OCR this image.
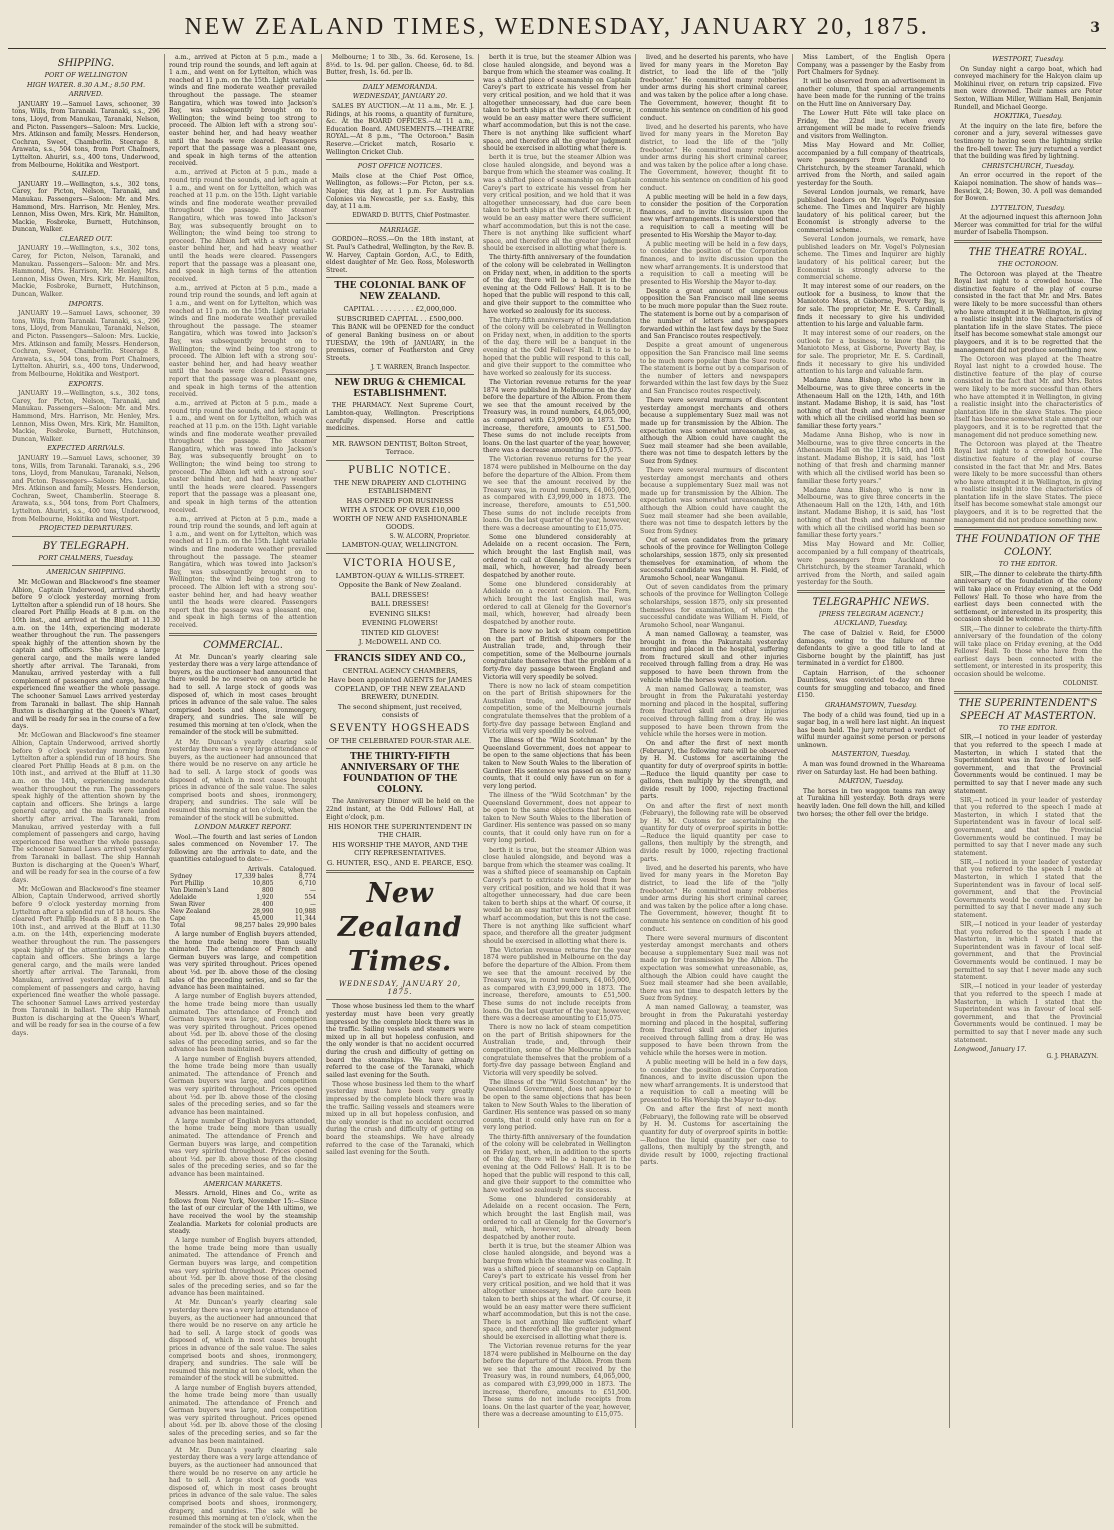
NEW ZEALAND TIMES, WEDNESDAY, JANUARY 20, 1875.	3
SHIPPING.
PORT OF WELLINGTON
HIGH WATER. 8.30 A.M.; 8.50 P.M.
ARRIVED.

JANUARY 19.—Samuel Laws, schooner, 39 tons, Wills, from Taranaki. Taranaki, s.s., 296 tons, Lloyd, from Manukau, Taranaki, Nelson, and Picton. Passengers—Saloon: Mrs. Luckie, Mrs. Atkinson and family, Messrs. Henderson, Cochran, Sweet, Chamberlin. Steerage 8. Arawata, s.s., 504 tons, from Port Chalmers, Lyttelton. Ahuriri, s.s., 400 tons, Underwood, from Melbourne, Hokitika and Westport.

SAILED.

JANUARY 19.—Wellington, s.s., 302 tons, Carey, for Picton, Nelson, Taranaki, and Manukau. Passengers—Saloon: Mr. and Mrs. Hammond, Mrs. Harrison, Mr. Henley, Mrs. Lennon, Miss Owen, Mrs. Kirk, Mr. Hamilton, Mackie, Fosbroke, Burnett, Hutchinson, Duncan, Walker.

CLEARED OUT.

JANUARY 19.—Wellington, s.s., 302 tons, Carey, for Picton, Nelson, Taranaki, and Manukau. Passengers—Saloon: Mr. and Mrs. Hammond, Mrs. Harrison, Mr. Henley, Mrs. Lennon, Miss Owen, Mrs. Kirk, Mr. Hamilton, Mackie, Fosbroke, Burnett, Hutchinson, Duncan, Walker.

IMPORTS.

JANUARY 19.—Samuel Laws, schooner, 39 tons, Wills, from Taranaki. Taranaki, s.s., 296 tons, Lloyd, from Manukau, Taranaki, Nelson, and Picton. Passengers—Saloon: Mrs. Luckie, Mrs. Atkinson and family, Messrs. Henderson, Cochran, Sweet, Chamberlin. Steerage 8. Arawata, s.s., 504 tons, from Port Chalmers, Lyttelton. Ahuriri, s.s., 400 tons, Underwood, from Melbourne, Hokitika and Westport.

EXPORTS.

JANUARY 19.—Wellington, s.s., 302 tons, Carey, for Picton, Nelson, Taranaki, and Manukau. Passengers—Saloon: Mr. and Mrs. Hammond, Mrs. Harrison, Mr. Henley, Mrs. Lennon, Miss Owen, Mrs. Kirk, Mr. Hamilton, Mackie, Fosbroke, Burnett, Hutchinson, Duncan, Walker.

EXPECTED ARRIVALS.

JANUARY 19.—Samuel Laws, schooner, 39 tons, Wills, from Taranaki. Taranaki, s.s., 296 tons, Lloyd, from Manukau, Taranaki, Nelson, and Picton. Passengers—Saloon: Mrs. Luckie, Mrs. Atkinson and family, Messrs. Henderson, Cochran, Sweet, Chamberlin. Steerage 8. Arawata, s.s., 504 tons, from Port Chalmers, Lyttelton. Ahuriri, s.s., 400 tons, Underwood, from Melbourne, Hokitika and Westport.

PROJECTED DEPARTURES.
BY TELEGRAPH.
PORT CHALMERS, Tuesday.
AMERICAN SHIPPING.

Mr. McGowan and Blackwood's fine steamer Albion, Captain Underwood, arrived shortly before 9 o'clock yesterday morning from Lyttelton after a splendid run of 18 hours. She cleared Port Phillip Heads at 8 p.m. on the 10th inst., and arrived at the Bluff at 11.30 a.m. on the 14th, experiencing moderate weather throughout the run. The passengers speak highly of the attention shown by the captain and officers. She brings a large general cargo, and the mails were landed shortly after arrival. The Taranaki, from Manukau, arrived yesterday with a full complement of passengers and cargo, having experienced fine weather the whole passage. The schooner Samuel Laws arrived yesterday from Taranaki in ballast. The ship Hannah Buxton is discharging at the Queen's Wharf, and will be ready for sea in the course of a few days.

Mr. McGowan and Blackwood's fine steamer Albion, Captain Underwood, arrived shortly before 9 o'clock yesterday morning from Lyttelton after a splendid run of 18 hours. She cleared Port Phillip Heads at 8 p.m. on the 10th inst., and arrived at the Bluff at 11.30 a.m. on the 14th, experiencing moderate weather throughout the run. The passengers speak highly of the attention shown by the captain and officers. She brings a large general cargo, and the mails were landed shortly after arrival. The Taranaki, from Manukau, arrived yesterday with a full complement of passengers and cargo, having experienced fine weather the whole passage. The schooner Samuel Laws arrived yesterday from Taranaki in ballast. The ship Hannah Buxton is discharging at the Queen's Wharf, and will be ready for sea in the course of a few days.

Mr. McGowan and Blackwood's fine steamer Albion, Captain Underwood, arrived shortly before 9 o'clock yesterday morning from Lyttelton after a splendid run of 18 hours. She cleared Port Phillip Heads at 8 p.m. on the 10th inst., and arrived at the Bluff at 11.30 a.m. on the 14th, experiencing moderate weather throughout the run. The passengers speak highly of the attention shown by the captain and officers. She brings a large general cargo, and the mails were landed shortly after arrival. The Taranaki, from Manukau, arrived yesterday with a full complement of passengers and cargo, having experienced fine weather the whole passage. The schooner Samuel Laws arrived yesterday from Taranaki in ballast. The ship Hannah Buxton is discharging at the Queen's Wharf, and will be ready for sea in the course of a few days.

a.m., arrived at Picton at 5 p.m., made a round trip round the sounds, and left again at 1 a.m., and went on for Lyttelton, which was reached at 11 p.m. on the 15th. Light variable winds and fine moderate weather prevailed throughout the passage. The steamer Rangatira, which was towed into Jackson's Bay, was subsequently brought on to Wellington; the wind being too strong to proceed. The Albion left with a strong sou'-easter behind her, and had heavy weather until the heads were cleared. Passengers report that the passage was a pleasant one, and speak in high terms of the attention received.

a.m., arrived at Picton at 5 p.m., made a round trip round the sounds, and left again at 1 a.m., and went on for Lyttelton, which was reached at 11 p.m. on the 15th. Light variable winds and fine moderate weather prevailed throughout the passage. The steamer Rangatira, which was towed into Jackson's Bay, was subsequently brought on to Wellington; the wind being too strong to proceed. The Albion left with a strong sou'-easter behind her, and had heavy weather until the heads were cleared. Passengers report that the passage was a pleasant one, and speak in high terms of the attention received.

a.m., arrived at Picton at 5 p.m., made a round trip round the sounds, and left again at 1 a.m., and went on for Lyttelton, which was reached at 11 p.m. on the 15th. Light variable winds and fine moderate weather prevailed throughout the passage. The steamer Rangatira, which was towed into Jackson's Bay, was subsequently brought on to Wellington; the wind being too strong to proceed. The Albion left with a strong sou'-easter behind her, and had heavy weather until the heads were cleared. Passengers report that the passage was a pleasant one, and speak in high terms of the attention received.

a.m., arrived at Picton at 5 p.m., made a round trip round the sounds, and left again at 1 a.m., and went on for Lyttelton, which was reached at 11 p.m. on the 15th. Light variable winds and fine moderate weather prevailed throughout the passage. The steamer Rangatira, which was towed into Jackson's Bay, was subsequently brought on to Wellington; the wind being too strong to proceed. The Albion left with a strong sou'-easter behind her, and had heavy weather until the heads were cleared. Passengers report that the passage was a pleasant one, and speak in high terms of the attention received.

a.m., arrived at Picton at 5 p.m., made a round trip round the sounds, and left again at 1 a.m., and went on for Lyttelton, which was reached at 11 p.m. on the 15th. Light variable winds and fine moderate weather prevailed throughout the passage. The steamer Rangatira, which was towed into Jackson's Bay, was subsequently brought on to Wellington; the wind being too strong to proceed. The Albion left with a strong sou'-easter behind her, and had heavy weather until the heads were cleared. Passengers report that the passage was a pleasant one, and speak in high terms of the attention received.

COMMERCIAL.

At Mr. Duncan's yearly clearing sale yesterday there was a very large attendance of buyers, as the auctioneer had announced that there would be no reserve on any article he had to sell. A large stock of goods was disposed of, which in most cases brought prices in advance of the sale value. The sales comprised boots and shoes, ironmongery, drapery, and sundries. The sale will be resumed this morning at ten o'clock, when the remainder of the stock will be submitted.

At Mr. Duncan's yearly clearing sale yesterday there was a very large attendance of buyers, as the auctioneer had announced that there would be no reserve on any article he had to sell. A large stock of goods was disposed of, which in most cases brought prices in advance of the sale value. The sales comprised boots and shoes, ironmongery, drapery, and sundries. The sale will be resumed this morning at ten o'clock, when the remainder of the stock will be submitted.

LONDON MARKET REPORT.

Wool.—The fourth and last series of London sales commenced on November 17. The following are the arrivals to date, and the quantities catalogued to date:—

	Arrivals.	Catalogued.
Sydney	17,339 bales	8,774
Port Phillip	10,805	6,710
Van Diemen's Land	800	—
Adelaide	1,920	554
Swan River	400	—
New Zealand	28,990	10,988
Cape	45,000	11,344
Total	98,257 bales	29,990 bales

A large number of English buyers attended, the home trade being more than usually animated. The attendance of French and German buyers was large, and competition was very spirited throughout. Prices opened about ½d. per lb. above those of the closing sales of the preceding series, and so far the advance has been maintained.

A large number of English buyers attended, the home trade being more than usually animated. The attendance of French and German buyers was large, and competition was very spirited throughout. Prices opened about ½d. per lb. above those of the closing sales of the preceding series, and so far the advance has been maintained.

A large number of English buyers attended, the home trade being more than usually animated. The attendance of French and German buyers was large, and competition was very spirited throughout. Prices opened about ½d. per lb. above those of the closing sales of the preceding series, and so far the advance has been maintained.

A large number of English buyers attended, the home trade being more than usually animated. The attendance of French and German buyers was large, and competition was very spirited throughout. Prices opened about ½d. per lb. above those of the closing sales of the preceding series, and so far the advance has been maintained.

AMERICAN MARKETS.

Messrs. Arnold, Hines and Co., write as follows from New York, November 15:—Since the last of our circular of the 14th ultimo, we have received the wool by the steamship Zealandia. Markets for colonial products are steady.

A large number of English buyers attended, the home trade being more than usually animated. The attendance of French and German buyers was large, and competition was very spirited throughout. Prices opened about ½d. per lb. above those of the closing sales of the preceding series, and so far the advance has been maintained.

At Mr. Duncan's yearly clearing sale yesterday there was a very large attendance of buyers, as the auctioneer had announced that there would be no reserve on any article he had to sell. A large stock of goods was disposed of, which in most cases brought prices in advance of the sale value. The sales comprised boots and shoes, ironmongery, drapery, and sundries. The sale will be resumed this morning at ten o'clock, when the remainder of the stock will be submitted.

A large number of English buyers attended, the home trade being more than usually animated. The attendance of French and German buyers was large, and competition was very spirited throughout. Prices opened about ½d. per lb. above those of the closing sales of the preceding series, and so far the advance has been maintained.

At Mr. Duncan's yearly clearing sale yesterday there was a very large attendance of buyers, as the auctioneer had announced that there would be no reserve on any article he had to sell. A large stock of goods was disposed of, which in most cases brought prices in advance of the sale value. The sales comprised boots and shoes, ironmongery, drapery, and sundries. The sale will be resumed this morning at ten o'clock, when the remainder of the stock will be submitted.

Melbourne; 1 to 3lb., 3s. 6d. Kerosene, 1s. 8½d. to 1s. 9d. per gallon. Cheese, 6d. to 8d. Butter, fresh, 1s. 6d. per lb.

DAILY MEMORANDA.
WEDNESDAY, JANUARY 20.

SALES BY AUCTION.—At 11 a.m., Mr. E. J. Ridings, at his rooms, a quantity of furniture, &c. At the BOARD OFFICES.—At 11 a.m., Education Board. AMUSEMENTS.—THEATRE ROYAL.—At 8 p.m., "The Octoroon." Basin Reserve.—Cricket match, Rosario v. Wellington Cricket Club.

POST OFFICE NOTICES.

Mails close at the Chief Post Office, Wellington, as follows:—For Picton, per s.s. Napier, this day, at 1 p.m. For Australian Colonies via Newcastle, per s.s. Easby, this day, at 11 a.m.

EDWARD D. BUTTS, Chief Postmaster.
MARRIAGE.

GORDON—ROSS.—On the 18th instant, at St. Paul's Cathedral, Wellington, by the Rev. B. W. Harvey, Captain Gordon, A.C., to Edith, eldest daughter of Mr. Geo. Ross, Molesworth Street.

THE COLONIAL BANK OF NEW ZEALAND.
CAPITAL . . . . . . . . . £2,000,000.
SUBSCRIBED CAPITAL . . £500,000.

This BANK will be OPENED for the conduct of general Banking business on or about TUESDAY, the 19th of JANUARY, in the premises, corner of Featherston and Grey Streets.

J. T. WARREN, Branch Inspector.
NEW DRUG & CHEMICAL ESTABLISHMENT.

THE PHARMACY. Next Supreme Court, Lambton-quay, Wellington. Prescriptions carefully dispensed. Horse and cattle medicines.

MR. RAWSON DENTIST, Bolton Street, Terrace.
PUBLIC NOTICE.
THE NEW DRAPERY AND CLOTHING ESTABLISHMENT
HAS OPENED FOR BUSINESS
WITH A STOCK OF OVER £10,000 WORTH OF NEW AND FASHIONABLE GOODS.
S. W. ALCORN, Proprietor.
LAMBTON-QUAY, WELLINGTON.
VICTORIA HOUSE,
LAMBTON-QUAY & WILLIS-STREET.
Opposite the Bank of New Zealand.
BALL DRESSES!
BALL DRESSES!
EVENING SILKS!
EVENING FLOWERS!
TINTED KID GLOVES!
J. McDOWELL AND CO.
FRANCIS SIDEY AND CO.,
CENTRAL AGENCY CHAMBERS,
Have been appointed AGENTS for JAMES COPELAND, OF THE NEW ZEALAND BREWERY, DUNEDIN.
The second shipment, just received, consists of
SEVENTY HOGSHEADS
OF THE CELEBRATED FOUR-STAR ALE.
THE THIRTY-FIFTH ANNIVERSARY OF THE FOUNDATION OF THE COLONY.

The Anniversary Dinner will be held on the 22nd instant, at the Odd Fellows' Hall, at Eight o'clock, p.m.

HIS HONOR THE SUPERINTENDENT IN THE CHAIR.
HIS WORSHIP THE MAYOR, AND THE CITY REPRESENTATIVES.
G. HUNTER, ESQ., AND E. PEARCE, ESQ.
New Zealand Times.
WEDNESDAY, JANUARY 20, 1875.

Those whose business led them to the wharf yesterday must have been very greatly impressed by the complete block there was in the traffic. Sailing vessels and steamers were mixed up in all but hopeless confusion, and the only wonder is that no accident occurred during the crush and difficulty of getting on board the steamships. We have already referred to the case of the Taranaki, which sailed last evening for the South.

Those whose business led them to the wharf yesterday must have been very greatly impressed by the complete block there was in the traffic. Sailing vessels and steamers were mixed up in all but hopeless confusion, and the only wonder is that no accident occurred during the crush and difficulty of getting on board the steamships. We have already referred to the case of the Taranaki, which sailed last evening for the South.

berth it is true, but the steamer Albion was close hauled alongside, and beyond was a barque from which the steamer was coaling. It was a shifted piece of seamanship on Captain Carey's part to extricate his vessel from her very critical position, and we hold that it was altogether unnecessary, had due care been taken to berth ships at the wharf. Of course, it would be an easy matter were there sufficient wharf accommodation, but this is not the case. There is not anything like sufficient wharf space, and therefore all the greater judgment should be exercised in allotting what there is.

berth it is true, but the steamer Albion was close hauled alongside, and beyond was a barque from which the steamer was coaling. It was a shifted piece of seamanship on Captain Carey's part to extricate his vessel from her very critical position, and we hold that it was altogether unnecessary, had due care been taken to berth ships at the wharf. Of course, it would be an easy matter were there sufficient wharf accommodation, but this is not the case. There is not anything like sufficient wharf space, and therefore all the greater judgment should be exercised in allotting what there is.

The thirty-fifth anniversary of the foundation of the colony will be celebrated in Wellington on Friday next, when, in addition to the sports of the day, there will be a banquet in the evening at the Odd Fellows' Hall. It is to be hoped that the public will respond to this call, and give their support to the committee who have worked so zealously for its success.

The thirty-fifth anniversary of the foundation of the colony will be celebrated in Wellington on Friday next, when, in addition to the sports of the day, there will be a banquet in the evening at the Odd Fellows' Hall. It is to be hoped that the public will respond to this call, and give their support to the committee who have worked so zealously for its success.

The Victorian revenue returns for the year 1874 were published in Melbourne on the day before the departure of the Albion. From them we see that the amount received by the Treasury was, in round numbers, £4,065,000, as compared with £3,999,000 in 1873. The increase, therefore, amounts to £51,500. These sums do not include receipts from loans. On the last quarter of the year, however, there was a decrease amounting to £15,075.

The Victorian revenue returns for the year 1874 were published in Melbourne on the day before the departure of the Albion. From them we see that the amount received by the Treasury was, in round numbers, £4,065,000, as compared with £3,999,000 in 1873. The increase, therefore, amounts to £51,500. These sums do not include receipts from loans. On the last quarter of the year, however, there was a decrease amounting to £15,075.

Some one blundered considerably at Adelaide on a recent occasion. The Fern, which brought the last English mail, was ordered to call at Glenelg for the Governor's mail, which, however, had already been despatched by another route.

Some one blundered considerably at Adelaide on a recent occasion. The Fern, which brought the last English mail, was ordered to call at Glenelg for the Governor's mail, which, however, had already been despatched by another route.

There is now no lack of steam competition on the part of British shipowners for the Australian trade, and, through their competition, some of the Melbourne journals congratulate themselves that the problem of a forty-five day passage between England and Victoria will very speedily be solved.

There is now no lack of steam competition on the part of British shipowners for the Australian trade, and, through their competition, some of the Melbourne journals congratulate themselves that the problem of a forty-five day passage between England and Victoria will very speedily be solved.

The illness of the "Wild Scotchman" by the Queensland Government, does not appear to be open to the same objections that has been taken to New South Wales to the liberation of Gardiner. His sentence was passed on so many counts, that it could only have run on for a very long period.

The illness of the "Wild Scotchman" by the Queensland Government, does not appear to be open to the same objections that has been taken to New South Wales to the liberation of Gardiner. His sentence was passed on so many counts, that it could only have run on for a very long period.

berth it is true, but the steamer Albion was close hauled alongside, and beyond was a barque from which the steamer was coaling. It was a shifted piece of seamanship on Captain Carey's part to extricate his vessel from her very critical position, and we hold that it was altogether unnecessary, had due care been taken to berth ships at the wharf. Of course, it would be an easy matter were there sufficient wharf accommodation, but this is not the case. There is not anything like sufficient wharf space, and therefore all the greater judgment should be exercised in allotting what there is.

The Victorian revenue returns for the year 1874 were published in Melbourne on the day before the departure of the Albion. From them we see that the amount received by the Treasury was, in round numbers, £4,065,000, as compared with £3,999,000 in 1873. The increase, therefore, amounts to £51,500. These sums do not include receipts from loans. On the last quarter of the year, however, there was a decrease amounting to £15,075.

There is now no lack of steam competition on the part of British shipowners for the Australian trade, and, through their competition, some of the Melbourne journals congratulate themselves that the problem of a forty-five day passage between England and Victoria will very speedily be solved.

The illness of the "Wild Scotchman" by the Queensland Government, does not appear to be open to the same objections that has been taken to New South Wales to the liberation of Gardiner. His sentence was passed on so many counts, that it could only have run on for a very long period.

The thirty-fifth anniversary of the foundation of the colony will be celebrated in Wellington on Friday next, when, in addition to the sports of the day, there will be a banquet in the evening at the Odd Fellows' Hall. It is to be hoped that the public will respond to this call, and give their support to the committee who have worked so zealously for its success.

Some one blundered considerably at Adelaide on a recent occasion. The Fern, which brought the last English mail, was ordered to call at Glenelg for the Governor's mail, which, however, had already been despatched by another route.

berth it is true, but the steamer Albion was close hauled alongside, and beyond was a barque from which the steamer was coaling. It was a shifted piece of seamanship on Captain Carey's part to extricate his vessel from her very critical position, and we hold that it was altogether unnecessary, had due care been taken to berth ships at the wharf. Of course, it would be an easy matter were there sufficient wharf accommodation, but this is not the case. There is not anything like sufficient wharf space, and therefore all the greater judgment should be exercised in allotting what there is.

The Victorian revenue returns for the year 1874 were published in Melbourne on the day before the departure of the Albion. From them we see that the amount received by the Treasury was, in round numbers, £4,065,000, as compared with £3,999,000 in 1873. The increase, therefore, amounts to £51,500. These sums do not include receipts from loans. On the last quarter of the year, however, there was a decrease amounting to £15,075.

lived, and he deserted his parents, who have lived for many years in the Moreton Bay district, to lead the life of the "jolly freebooter." He committed many robberies under arms during his short criminal career, and was taken by the police after a long chase. The Government, however, thought fit to commute his sentence on condition of his good conduct.

lived, and he deserted his parents, who have lived for many years in the Moreton Bay district, to lead the life of the "jolly freebooter." He committed many robberies under arms during his short criminal career, and was taken by the police after a long chase. The Government, however, thought fit to commute his sentence on condition of his good conduct.

A public meeting will be held in a few days, to consider the position of the Corporation finances, and to invite discussion upon the new wharf arrangements. It is understood that a requisition to call a meeting will be presented to His Worship the Mayor to-day.

A public meeting will be held in a few days, to consider the position of the Corporation finances, and to invite discussion upon the new wharf arrangements. It is understood that a requisition to call a meeting will be presented to His Worship the Mayor to-day.

Despite a great amount of ungenerous opposition the San Francisco mail line seems to be much more popular than the Suez route. The statement is borne out by a comparison of the number of letters and newspapers forwarded within the last few days by the Suez and San Francisco routes respectively.

Despite a great amount of ungenerous opposition the San Francisco mail line seems to be much more popular than the Suez route. The statement is borne out by a comparison of the number of letters and newspapers forwarded within the last few days by the Suez and San Francisco routes respectively.

There were several murmurs of discontent yesterday amongst merchants and others because a supplementary Suez mail was not made up for transmission by the Albion. The expectation was somewhat unreasonable, as, although the Albion could have caught the Suez mail steamer had she been available, there was not time to despatch letters by the Suez from Sydney.

There were several murmurs of discontent yesterday amongst merchants and others because a supplementary Suez mail was not made up for transmission by the Albion. The expectation was somewhat unreasonable, as, although the Albion could have caught the Suez mail steamer had she been available, there was not time to despatch letters by the Suez from Sydney.

Out of seven candidates from the primary schools of the province for Wellington College scholarships, session 1875, only six presented themselves for examination, of whom the successful candidate was William H. Field, of Aramoho School, near Wanganui.

Out of seven candidates from the primary schools of the province for Wellington College scholarships, session 1875, only six presented themselves for examination, of whom the successful candidate was William H. Field, of Aramoho School, near Wanganui.

A man named Galloway, a teamster, was brought in from the Pakuratahi yesterday morning and placed in the hospital, suffering from fractured skull and other injuries received through falling from a dray. He was supposed to have been thrown from the vehicle while the horses were in motion.

A man named Galloway, a teamster, was brought in from the Pakuratahi yesterday morning and placed in the hospital, suffering from fractured skull and other injuries received through falling from a dray. He was supposed to have been thrown from the vehicle while the horses were in motion.

On and after the first of next month (February), the following rate will be observed by H. M. Customs for ascertaining the quantity for duty of overproof spirits in bottle:—Reduce the liquid quantity per case to gallons, then multiply by the strength, and divide result by 1000, rejecting fractional parts.

On and after the first of next month (February), the following rate will be observed by H. M. Customs for ascertaining the quantity for duty of overproof spirits in bottle:—Reduce the liquid quantity per case to gallons, then multiply by the strength, and divide result by 1000, rejecting fractional parts.

lived, and he deserted his parents, who have lived for many years in the Moreton Bay district, to lead the life of the "jolly freebooter." He committed many robberies under arms during his short criminal career, and was taken by the police after a long chase. The Government, however, thought fit to commute his sentence on condition of his good conduct.

There were several murmurs of discontent yesterday amongst merchants and others because a supplementary Suez mail was not made up for transmission by the Albion. The expectation was somewhat unreasonable, as, although the Albion could have caught the Suez mail steamer had she been available, there was not time to despatch letters by the Suez from Sydney.

A man named Galloway, a teamster, was brought in from the Pakuratahi yesterday morning and placed in the hospital, suffering from fractured skull and other injuries received through falling from a dray. He was supposed to have been thrown from the vehicle while the horses were in motion.

A public meeting will be held in a few days, to consider the position of the Corporation finances, and to invite discussion upon the new wharf arrangements. It is understood that a requisition to call a meeting will be presented to His Worship the Mayor to-day.

On and after the first of next month (February), the following rate will be observed by H. M. Customs for ascertaining the quantity for duty of overproof spirits in bottle:—Reduce the liquid quantity per case to gallons, then multiply by the strength, and divide result by 1000, rejecting fractional parts.

Miss Lambert, of the English Opera Company, was a passenger by the Easby from Port Chalmers for Sydney.

It will be observed from an advertisement in another column, that special arrangements have been made for the running of the trains on the Hutt line on Anniversary Day.

The Lower Hutt Fête will take place on Friday, the 22nd inst., when every arrangement will be made to receive friends and visitors from Wellington.

Miss May Howard and Mr. Collier, accompanied by a full company of theatricals, were passengers from Auckland to Christchurch, by the steamer Taranaki, which arrived from the North, and sailed again yesterday for the South.

Several London journals, we remark, have published leaders on Mr. Vogel's Polynesian scheme. The Times and Inquirer are highly laudatory of his political career, but the Economist is strongly adverse to the commercial scheme.

Several London journals, we remark, have published leaders on Mr. Vogel's Polynesian scheme. The Times and Inquirer are highly laudatory of his political career, but the Economist is strongly adverse to the commercial scheme.

It may interest some of our readers, on the outlook for a business, to know that the Maniototo Mess, at Gisborne, Poverty Bay, is for sale. The proprietor, Mr. E. S. Cardinall, finds it necessary to give his undivided attention to his large and valuable farm.

It may interest some of our readers, on the outlook for a business, to know that the Maniototo Mess, at Gisborne, Poverty Bay, is for sale. The proprietor, Mr. E. S. Cardinall, finds it necessary to give his undivided attention to his large and valuable farm.

Madame Anna Bishop, who is now in Melbourne, was to give three concerts in the Athenaeum Hall on the 12th, 14th, and 16th instant. Madame Bishop, it is said, has "lost nothing of that fresh and charming manner with which all the civilised world has been so familiar these forty years."

Madame Anna Bishop, who is now in Melbourne, was to give three concerts in the Athenaeum Hall on the 12th, 14th, and 16th instant. Madame Bishop, it is said, has "lost nothing of that fresh and charming manner with which all the civilised world has been so familiar these forty years."

Madame Anna Bishop, who is now in Melbourne, was to give three concerts in the Athenaeum Hall on the 12th, 14th, and 16th instant. Madame Bishop, it is said, has "lost nothing of that fresh and charming manner with which all the civilised world has been so familiar these forty years."

Miss May Howard and Mr. Collier, accompanied by a full company of theatricals, were passengers from Auckland to Christchurch, by the steamer Taranaki, which arrived from the North, and sailed again yesterday for the South.

TELEGRAPHIC NEWS.
[PRESS TELEGRAM AGENCY.]
AUCKLAND, Tuesday.

The case of Dalziel v. Reid, for £5000 damages, owing to the failure of the defendants to give a good title to land at Gisborne bought by the plaintiff, has just terminated in a verdict for £1800.

Captain Harrison, of the schooner Dauntless, was convicted to-day on three counts for smuggling and tobacco, and fined £150.

GRAHAMSTOWN, Tuesday.

The body of a child was found, tied up in a sugar bag, in a well here last night. An inquest has been held. The jury returned a verdict of wilful murder against some person or persons unknown.

MASTERTON, Tuesday.

A man was found drowned in the Whareama river on Saturday last. He had been bathing.

MARTON, Tuesday.

The horses in two waggon teams ran away at Turakina hill yesterday. Both drays were heavily laden. One fell down the hill, and killed two horses; the other fell over the bridge.

WESTPORT, Tuesday.

On Sunday night a cargo boat, which had conveyed machinery for the Halcyon claim up Mokihinui river, on return trip capsized. Five men were drowned. Their names are Peter Sexton, William Miller, William Hall, Benjamin Rundell, and Michael George.

HOKITIKA, Tuesday.

At the inquiry on the late fire, before the coroner and a jury, several witnesses gave testimony to having seen the lightning strike the fire-bell tower. The jury returned a verdict that the building was fired by lightning.

CHRISTCHURCH, Tuesday.

An error occurred in the report of the Kaiapoi nomination. The show of hands was—Beswick, 24; Bowen, 30. A poll was demanded for Bowen.

LYTTELTON, Tuesday.

At the adjourned inquest this afternoon John Mercer was committed for trial for the wilful murder of Isabella Thompson.

THE THEATRE ROYAL.
THE OCTOROON.

The Octoroon was played at the Theatre Royal last night to a crowded house. The distinctive feature of the play of course consisted in the fact that Mr. and Mrs. Bates were likely to be more successful than others who have attempted it in Wellington, in giving a realistic insight into the characteristics of plantation life in the slave States. The piece itself has become somewhat stale amongst our playgoers, and it is to be regretted that the management did not produce something new.

The Octoroon was played at the Theatre Royal last night to a crowded house. The distinctive feature of the play of course consisted in the fact that Mr. and Mrs. Bates were likely to be more successful than others who have attempted it in Wellington, in giving a realistic insight into the characteristics of plantation life in the slave States. The piece itself has become somewhat stale amongst our playgoers, and it is to be regretted that the management did not produce something new.

The Octoroon was played at the Theatre Royal last night to a crowded house. The distinctive feature of the play of course consisted in the fact that Mr. and Mrs. Bates were likely to be more successful than others who have attempted it in Wellington, in giving a realistic insight into the characteristics of plantation life in the slave States. The piece itself has become somewhat stale amongst our playgoers, and it is to be regretted that the management did not produce something new.

THE FOUNDATION OF THE COLONY.
TO THE EDITOR.

SIR,—The dinner to celebrate the thirty-fifth anniversary of the foundation of the colony will take place on Friday evening, at the Odd Fellows' Hall. To those who have from the earliest days been connected with the settlement, or interested in its prosperity, this occasion should be welcome.

SIR,—The dinner to celebrate the thirty-fifth anniversary of the foundation of the colony will take place on Friday evening, at the Odd Fellows' Hall. To those who have from the earliest days been connected with the settlement, or interested in its prosperity, this occasion should be welcome.

COLONIST.
THE SUPERINTENDENT'S SPEECH AT MASTERTON.
TO THE EDITOR.

SIR,—I noticed in your leader of yesterday that you referred to the speech I made at Masterton, in which I stated that the Superintendent was in favour of local self-government, and that the Provincial Governments would be continued. I may be permitted to say that I never made any such statement.

SIR,—I noticed in your leader of yesterday that you referred to the speech I made at Masterton, in which I stated that the Superintendent was in favour of local self-government, and that the Provincial Governments would be continued. I may be permitted to say that I never made any such statement.

SIR,—I noticed in your leader of yesterday that you referred to the speech I made at Masterton, in which I stated that the Superintendent was in favour of local self-government, and that the Provincial Governments would be continued. I may be permitted to say that I never made any such statement.

SIR,—I noticed in your leader of yesterday that you referred to the speech I made at Masterton, in which I stated that the Superintendent was in favour of local self-government, and that the Provincial Governments would be continued. I may be permitted to say that I never made any such statement.

SIR,—I noticed in your leader of yesterday that you referred to the speech I made at Masterton, in which I stated that the Superintendent was in favour of local self-government, and that the Provincial Governments would be continued. I may be permitted to say that I never made any such statement.

Longwood, January 17.
G. J. PHARAZYN.
